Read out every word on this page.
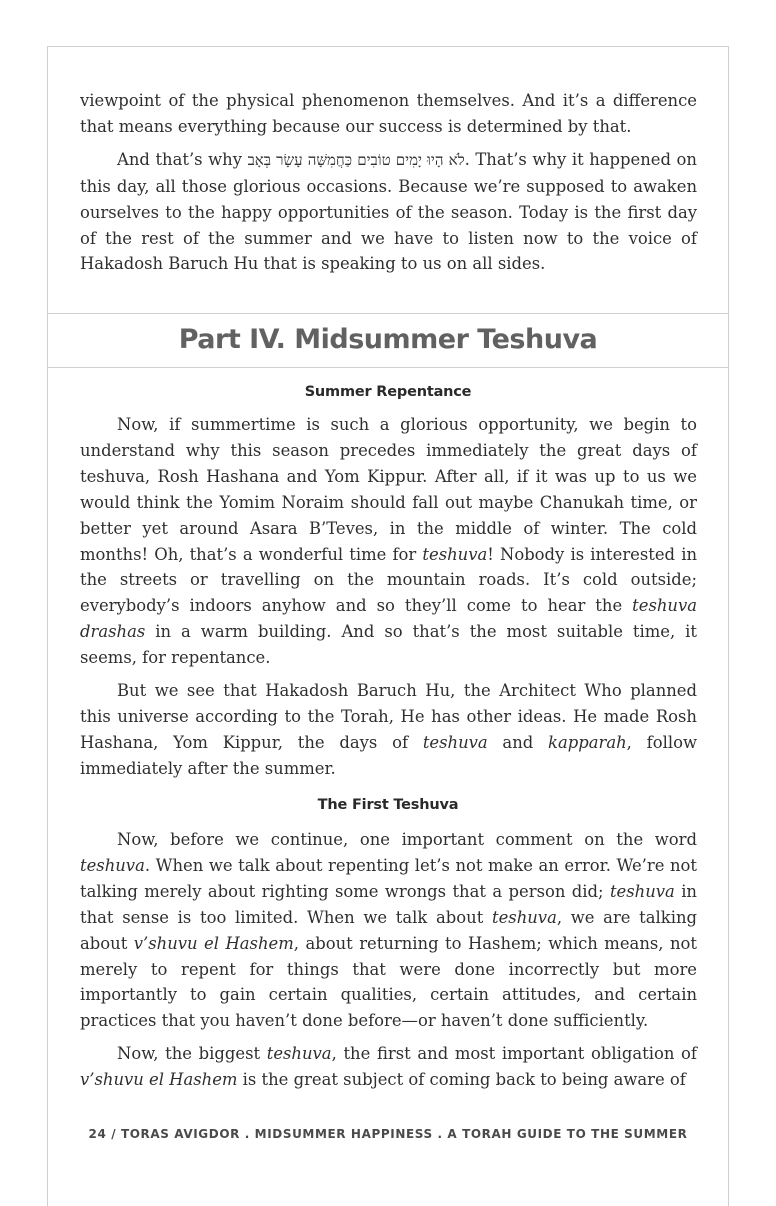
viewpoint of the physical phenomenon themselves. And it’s a difference that means everything because our success is determined by that.

And that’s why לֹא הָיוּ יָמִים טוֹבִים כַּחֲמִשָּׁה עָשָׂר בְּאָב. That’s why it happened on this day, all those glorious occasions. Because we’re supposed to awaken ourselves to the happy opportunities of the season. Today is the first day of the rest of the summer and we have to listen now to the voice of Hakadosh Baruch Hu that is speaking to us on all sides.

Part IV. Midsummer Teshuva
Summer Repentance

Now, if summertime is such a glorious opportunity, we begin to understand why this season precedes immediately the great days of teshuva, Rosh Hashana and Yom Kippur. After all, if it was up to us we would think the Yomim Noraim should fall out maybe Chanukah time, or better yet around Asara B’Teves, in the middle of winter. The cold months! Oh, that’s a wonderful time for teshuva! Nobody is interested in the streets or travelling on the mountain roads. It’s cold outside; everybody’s indoors anyhow and so they’ll come to hear the teshuva drashas in a warm building. And so that’s the most suitable time, it seems, for repentance.

But we see that Hakadosh Baruch Hu, the Architect Who planned this universe according to the Torah, He has other ideas. He made Rosh Hashana, Yom Kippur, the days of teshuva and kapparah, follow immediately after the summer.

The First Teshuva

Now, before we continue, one important comment on the word teshuva. When we talk about repenting let’s not make an error. We’re not talking merely about righting some wrongs that a person did; teshuva in that sense is too limited. When we talk about teshuva, we are talking about v’shuvu el Hashem, about returning to Hashem; which means, not merely to repent for things that were done incorrectly but more importantly to gain certain qualities, certain attitudes, and certain practices that you haven’t done before—or haven’t done sufficiently.

Now, the biggest teshuva, the first and most important obligation of v’shuvu el Hashem is the great subject of coming back to being aware of

24 / TORAS AVIGDOR . MIDSUMMER HAPPINESS . A TORAH GUIDE TO THE SUMMER
